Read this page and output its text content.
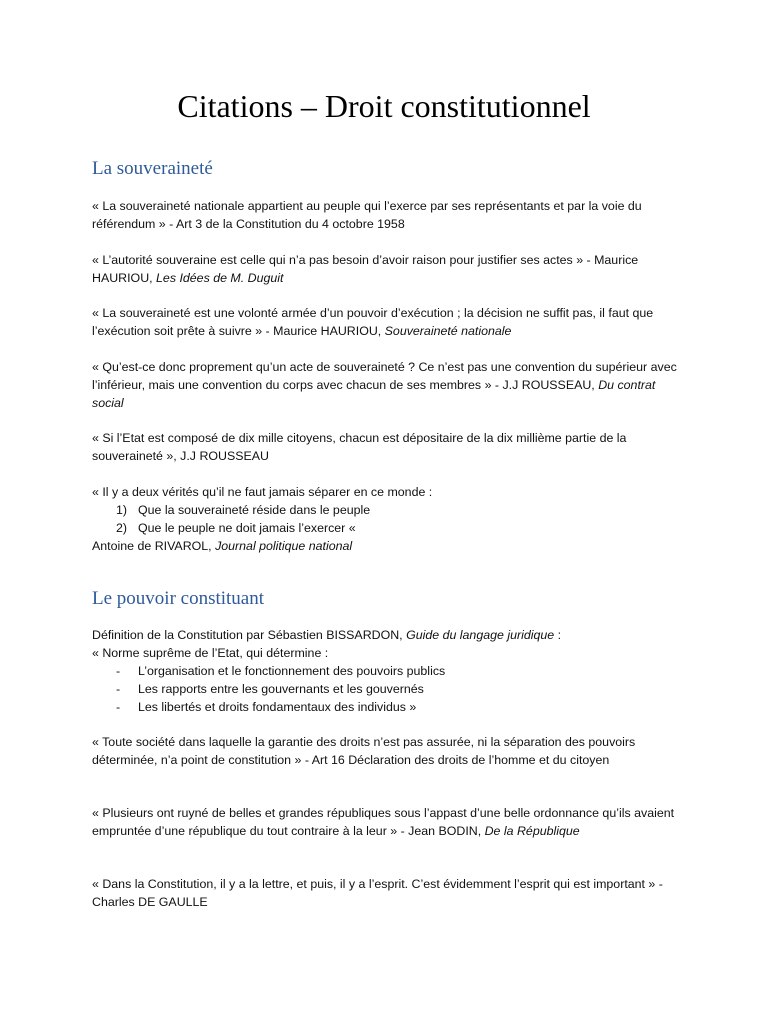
Citations – Droit constitutionnel
La souveraineté

« La souveraineté nationale appartient au peuple qui l’exerce par ses représentants et par la voie du référendum » - Art 3 de la Constitution du 4 octobre 1958

« L’autorité souveraine est celle qui n’a pas besoin d’avoir raison pour justifier ses actes » - Maurice HAURIOU, Les Idées de M. Duguit

« La souveraineté est une volonté armée d’un pouvoir d’exécution ; la décision ne suffit pas, il faut que l’exécution soit prête à suivre » - Maurice HAURIOU, Souveraineté nationale

« Qu’est-ce donc proprement qu’un acte de souveraineté ? Ce n’est pas une convention du supérieur avec l’inférieur, mais une convention du corps avec chacun de ses membres » - J.J ROUSSEAU, Du contrat social

« Si l’Etat est composé de dix mille citoyens, chacun est dépositaire de la dix millième partie de la souveraineté », J.J ROUSSEAU

« Il y a deux vérités qu’il ne faut jamais séparer en ce monde :

1) Que la souveraineté réside dans le peuple
2) Que le peuple ne doit jamais l’exercer «

Antoine de RIVAROL, Journal politique national

Le pouvoir constituant

Définition de la Constitution par Sébastien BISSARDON, Guide du langage juridique :

« Norme suprême de l’Etat, qui détermine :

- L’organisation et le fonctionnement des pouvoirs publics
- Les rapports entre les gouvernants et les gouvernés
- Les libertés et droits fondamentaux des individus »

« Toute société dans laquelle la garantie des droits n’est pas assurée, ni la séparation des pouvoirs déterminée, n’a point de constitution » - Art 16 Déclaration des droits de l’homme et du citoyen

« Plusieurs ont ruyné de belles et grandes républiques sous l’appast d’une belle ordonnance qu’ils avaient empruntée d’une république du tout contraire à la leur » - Jean BODIN, De la République

« Dans la Constitution, il y a la lettre, et puis, il y a l’esprit. C’est évidemment l’esprit qui est important » - Charles DE GAULLE
